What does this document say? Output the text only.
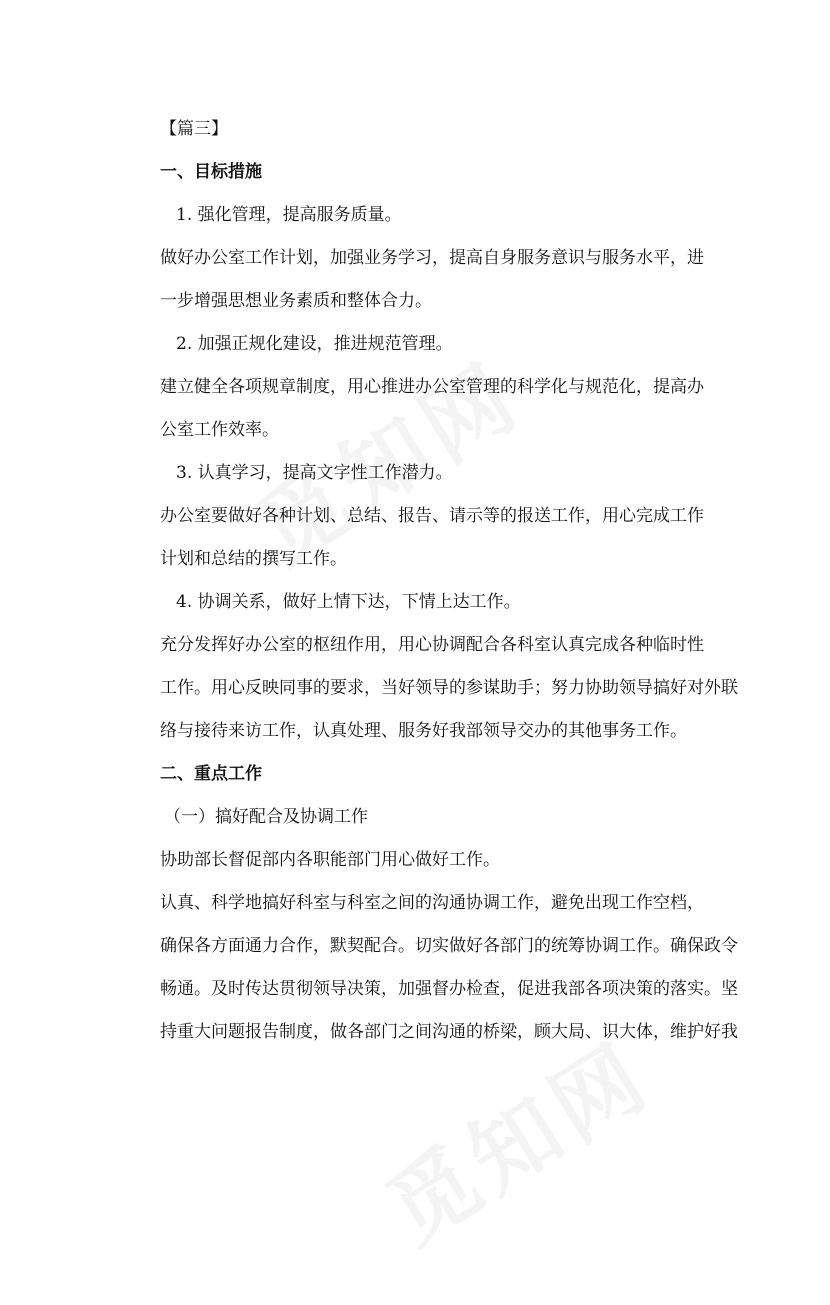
【篇三】
一、目标措施
1. 强化管理，提高服务质量。
做好办公室工作计划，加强业务学习，提高自身服务意识与服务水平，进
一步增强思想业务素质和整体合力。
2. 加强正规化建设，推进规范管理。
建立健全各项规章制度，用心推进办公室管理的科学化与规范化，提高办
公室工作效率。
3. 认真学习，提高文字性工作潜力。
办公室要做好各种计划、总结、报告、请示等的报送工作，用心完成工作
计划和总结的撰写工作。
4. 协调关系，做好上情下达，下情上达工作。
充分发挥好办公室的枢纽作用，用心协调配合各科室认真完成各种临时性
工作。用心反映同事的要求，当好领导的参谋助手；努力协助领导搞好对外联
络与接待来访工作，认真处理、服务好我部领导交办的其他事务工作。
二、重点工作
（一）搞好配合及协调工作
协助部长督促部内各职能部门用心做好工作。
认真、科学地搞好科室与科室之间的沟通协调工作，避免出现工作空档，
确保各方面通力合作，默契配合。切实做好各部门的统筹协调工作。确保政令
畅通。及时传达贯彻领导决策，加强督办检查，促进我部各项决策的落实。坚
持重大问题报告制度，做各部门之间沟通的桥梁，顾大局、识大体，维护好我
